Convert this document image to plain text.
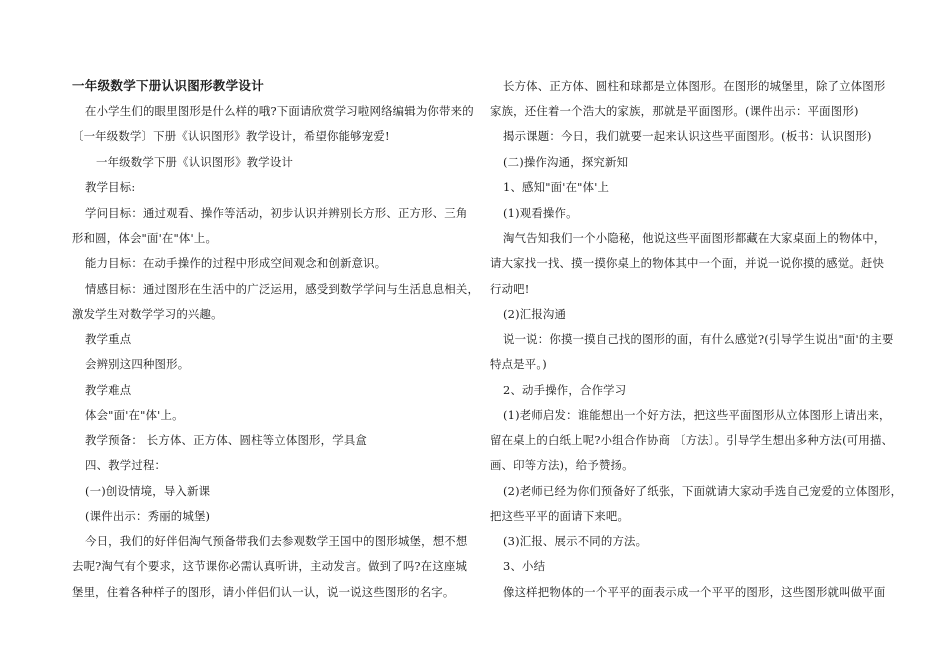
一年级数学下册认识图形教学设计
在小学生们的眼里图形是什么样的哦?下面请欣赏学习啦网络编辑为你带来的
〔一年级数学〕下册《认识图形》教学设计，希望你能够宠爱!
一年级数学下册《认识图形》教学设计
教学目标:
学问目标：通过观看、操作等活动，初步认识并辨别长方形、正方形、三角
形和圆，体会"面'在"体'上。
能力目标：在动手操作的过程中形成空间观念和创新意识。
情感目标：通过图形在生活中的广泛运用，感受到数学学问与生活息息相关，
激发学生对数学学习的兴趣。
教学重点
会辨别这四种图形。
教学难点
体会"面'在"体'上。
教学预备： 长方体、正方体、圆柱等立体图形，学具盒
四、教学过程：
(一)创设情境，导入新课
(课件出示：秀丽的城堡)
今日，我们的好伴侣淘气预备带我们去参观数学王国中的图形城堡，想不想
去呢?淘气有个要求，这节课你必需认真听讲，主动发言。做到了吗?在这座城
堡里，住着各种样子的图形，请小伴侣们认一认，说一说这些图形的名字。
长方体、正方体、圆柱和球都是立体图形。在图形的城堡里，除了立体图形
家族，还住着一个浩大的家族，那就是平面图形。(课件出示：平面图形)
揭示课题：今日，我们就要一起来认识这些平面图形。(板书：认识图形)
(二)操作沟通，探究新知
1、感知"面'在"体'上
(1)观看操作。
淘气告知我们一个小隐秘，他说这些平面图形都藏在大家桌面上的物体中，
请大家找一找、摸一摸你桌上的物体其中一个面，并说一说你摸的感觉。赶快
行动吧!
(2)汇报沟通
说一说：你摸一摸自己找的图形的面，有什么感觉?(引导学生说出"面'的主要
特点是平。)
2、动手操作，合作学习
(1)老师启发：谁能想出一个好方法，把这些平面图形从立体图形上请出来，
留在桌上的白纸上呢?小组合作协商 〔方法〕。引导学生想出多种方法(可用描、
画、印等方法)，给予赞扬。
(2)老师已经为你们预备好了纸张，下面就请大家动手选自己宠爱的立体图形，
把这些平平的面请下来吧。
(3)汇报、展示不同的方法。
3、小结
像这样把物体的一个平平的面表示成一个平平的图形，这些图形就叫做平面
